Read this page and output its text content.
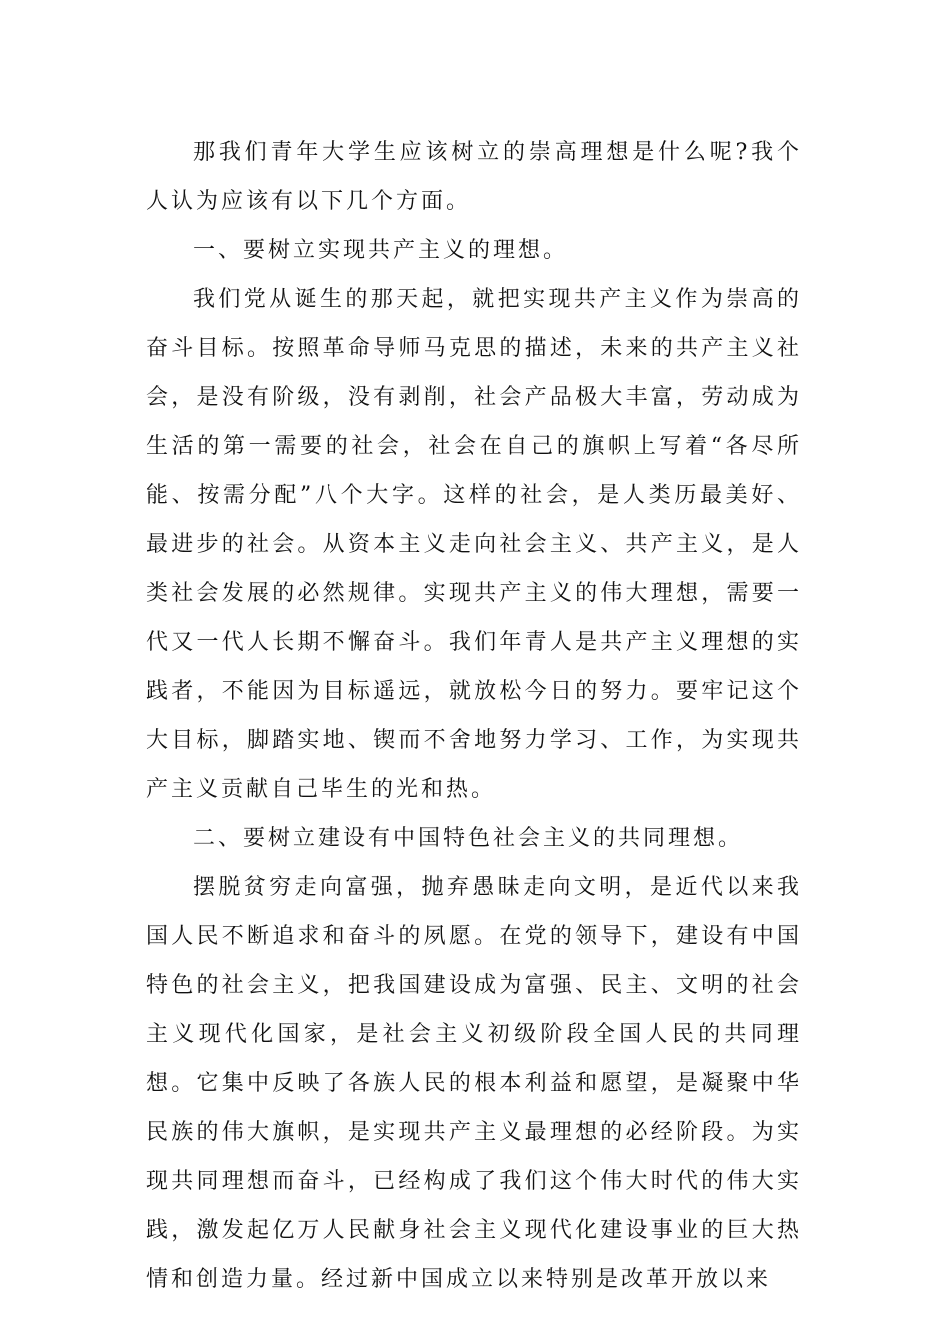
那我们青年大学生应该树立的崇高理想是什么呢?我个人认为应该有以下几个方面。

一、要树立实现共产主义的理想。

我们党从诞生的那天起，就把实现共产主义作为崇高的奋斗目标。按照革命导师马克思的描述，未来的共产主义社会，是没有阶级，没有剥削，社会产品极大丰富，劳动成为生活的第一需要的社会，社会在自己的旗帜上写着“各尽所能、按需分配”八个大字。这样的社会，是人类历最美好、最进步的社会。从资本主义走向社会主义、共产主义，是人类社会发展的必然规律。实现共产主义的伟大理想，需要一代又一代人长期不懈奋斗。我们年青人是共产主义理想的实践者，不能因为目标遥远，就放松今日的努力。要牢记这个大目标，脚踏实地、锲而不舍地努力学习、工作，为实现共产主义贡献自己毕生的光和热。

二、要树立建设有中国特色社会主义的共同理想。

摆脱贫穷走向富强，抛弃愚昧走向文明，是近代以来我国人民不断追求和奋斗的夙愿。在党的领导下，建设有中国特色的社会主义，把我国建设成为富强、民主、文明的社会主义现代化国家，是社会主义初级阶段全国人民的共同理想。它集中反映了各族人民的根本利益和愿望，是凝聚中华民族的伟大旗帜，是实现共产主义最理想的必经阶段。为实现共同理想而奋斗，已经构成了我们这个伟大时代的伟大实践，激发起亿万人民献身社会主义现代化建设事业的巨大热情和创造力量。经过新中国成立以来特别是改革开放以来
